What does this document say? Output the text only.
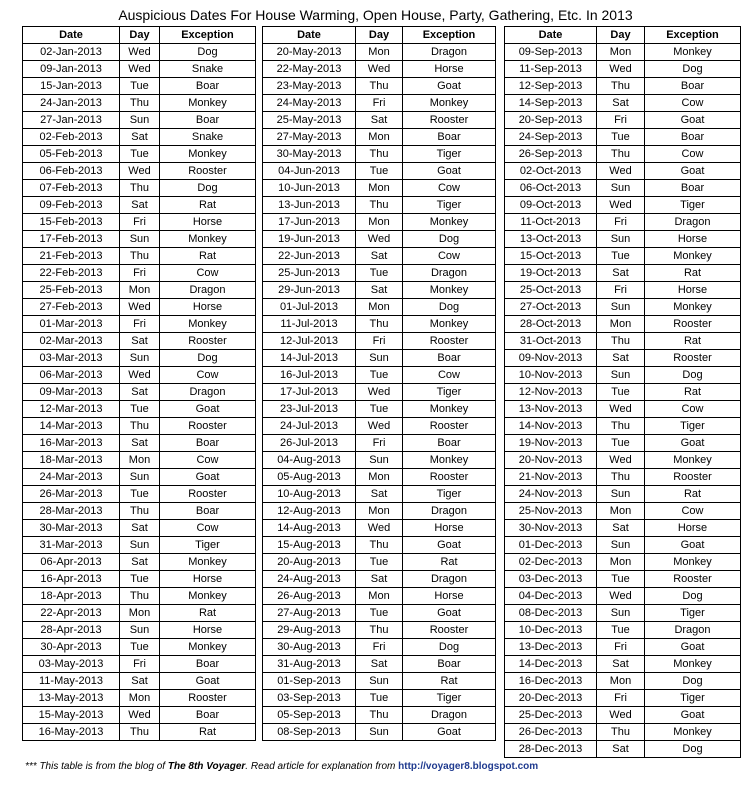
Auspicious Dates For House Warming, Open House, Party, Gathering, Etc. In 2013
Date	Day	Exception
02-Jan-2013	Wed	Dog
09-Jan-2013	Wed	Snake
15-Jan-2013	Tue	Boar
24-Jan-2013	Thu	Monkey
27-Jan-2013	Sun	Boar
02-Feb-2013	Sat	Snake
05-Feb-2013	Tue	Monkey
06-Feb-2013	Wed	Rooster
07-Feb-2013	Thu	Dog
09-Feb-2013	Sat	Rat
15-Feb-2013	Fri	Horse
17-Feb-2013	Sun	Monkey
21-Feb-2013	Thu	Rat
22-Feb-2013	Fri	Cow
25-Feb-2013	Mon	Dragon
27-Feb-2013	Wed	Horse
01-Mar-2013	Fri	Monkey
02-Mar-2013	Sat	Rooster
03-Mar-2013	Sun	Dog
06-Mar-2013	Wed	Cow
09-Mar-2013	Sat	Dragon
12-Mar-2013	Tue	Goat
14-Mar-2013	Thu	Rooster
16-Mar-2013	Sat	Boar
18-Mar-2013	Mon	Cow
24-Mar-2013	Sun	Goat
26-Mar-2013	Tue	Rooster
28-Mar-2013	Thu	Boar
30-Mar-2013	Sat	Cow
31-Mar-2013	Sun	Tiger
06-Apr-2013	Sat	Monkey
16-Apr-2013	Tue	Horse
18-Apr-2013	Thu	Monkey
22-Apr-2013	Mon	Rat
28-Apr-2013	Sun	Horse
30-Apr-2013	Tue	Monkey
03-May-2013	Fri	Boar
11-May-2013	Sat	Goat
13-May-2013	Mon	Rooster
15-May-2013	Wed	Boar
16-May-2013	Thu	Rat
Date	Day	Exception
20-May-2013	Mon	Dragon
22-May-2013	Wed	Horse
23-May-2013	Thu	Goat
24-May-2013	Fri	Monkey
25-May-2013	Sat	Rooster
27-May-2013	Mon	Boar
30-May-2013	Thu	Tiger
04-Jun-2013	Tue	Goat
10-Jun-2013	Mon	Cow
13-Jun-2013	Thu	Tiger
17-Jun-2013	Mon	Monkey
19-Jun-2013	Wed	Dog
22-Jun-2013	Sat	Cow
25-Jun-2013	Tue	Dragon
29-Jun-2013	Sat	Monkey
01-Jul-2013	Mon	Dog
11-Jul-2013	Thu	Monkey
12-Jul-2013	Fri	Rooster
14-Jul-2013	Sun	Boar
16-Jul-2013	Tue	Cow
17-Jul-2013	Wed	Tiger
23-Jul-2013	Tue	Monkey
24-Jul-2013	Wed	Rooster
26-Jul-2013	Fri	Boar
04-Aug-2013	Sun	Monkey
05-Aug-2013	Mon	Rooster
10-Aug-2013	Sat	Tiger
12-Aug-2013	Mon	Dragon
14-Aug-2013	Wed	Horse
15-Aug-2013	Thu	Goat
20-Aug-2013	Tue	Rat
24-Aug-2013	Sat	Dragon
26-Aug-2013	Mon	Horse
27-Aug-2013	Tue	Goat
29-Aug-2013	Thu	Rooster
30-Aug-2013	Fri	Dog
31-Aug-2013	Sat	Boar
01-Sep-2013	Sun	Rat
03-Sep-2013	Tue	Tiger
05-Sep-2013	Thu	Dragon
08-Sep-2013	Sun	Goat
Date	Day	Exception
09-Sep-2013	Mon	Monkey
11-Sep-2013	Wed	Dog
12-Sep-2013	Thu	Boar
14-Sep-2013	Sat	Cow
20-Sep-2013	Fri	Goat
24-Sep-2013	Tue	Boar
26-Sep-2013	Thu	Cow
02-Oct-2013	Wed	Goat
06-Oct-2013	Sun	Boar
09-Oct-2013	Wed	Tiger
11-Oct-2013	Fri	Dragon
13-Oct-2013	Sun	Horse
15-Oct-2013	Tue	Monkey
19-Oct-2013	Sat	Rat
25-Oct-2013	Fri	Horse
27-Oct-2013	Sun	Monkey
28-Oct-2013	Mon	Rooster
31-Oct-2013	Thu	Rat
09-Nov-2013	Sat	Rooster
10-Nov-2013	Sun	Dog
12-Nov-2013	Tue	Rat
13-Nov-2013	Wed	Cow
14-Nov-2013	Thu	Tiger
19-Nov-2013	Tue	Goat
20-Nov-2013	Wed	Monkey
21-Nov-2013	Thu	Rooster
24-Nov-2013	Sun	Rat
25-Nov-2013	Mon	Cow
30-Nov-2013	Sat	Horse
01-Dec-2013	Sun	Goat
02-Dec-2013	Mon	Monkey
03-Dec-2013	Tue	Rooster
04-Dec-2013	Wed	Dog
08-Dec-2013	Sun	Tiger
10-Dec-2013	Tue	Dragon
13-Dec-2013	Fri	Goat
14-Dec-2013	Sat	Monkey
16-Dec-2013	Mon	Dog
20-Dec-2013	Fri	Tiger
25-Dec-2013	Wed	Goat
26-Dec-2013	Thu	Monkey
28-Dec-2013	Sat	Dog
*** This table is from the blog of The 8th Voyager. Read article for explanation from http://voyager8.blogspot.com
